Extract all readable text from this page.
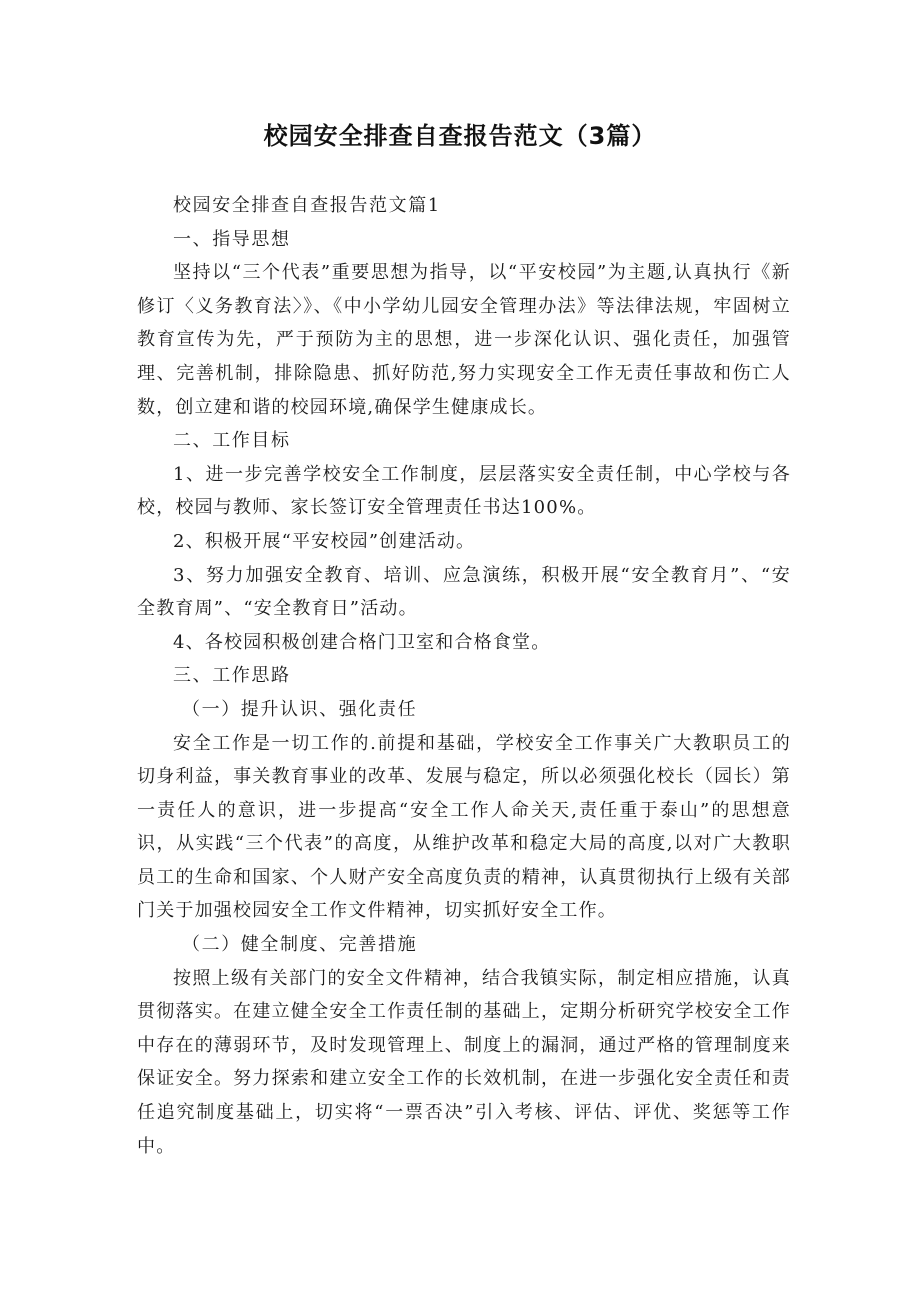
校园安全排查自查报告范文（3篇）

校园安全排查自查报告范文篇1

一、指导思想

坚持以“三个代表”重要思想为指导，以“平安校园”为主题,认真执行《新修订〈义务教育法〉》、《中小学幼儿园安全管理办法》等法律法规，牢固树立教育宣传为先，严于预防为主的思想，进一步深化认识、强化责任，加强管理、完善机制，排除隐患、抓好防范,努力实现安全工作无责任事故和伤亡人数，创立建和谐的校园环境,确保学生健康成长。

二、工作目标

1、进一步完善学校安全工作制度，层层落实安全责任制，中心学校与各校，校园与教师、家长签订安全管理责任书达100%。

2、积极开展“平安校园”创建活动。

3、努力加强安全教育、培训、应急演练，积极开展“安全教育月”、“安全教育周”、“安全教育日”活动。

4、各校园积极创建合格门卫室和合格食堂。

三、工作思路

（一）提升认识、强化责任

安全工作是一切工作的.前提和基础，学校安全工作事关广大教职员工的切身利益，事关教育事业的改革、发展与稳定，所以必须强化校长（园长）第一责任人的意识，进一步提高“安全工作人命关天,责任重于泰山”的思想意识，从实践“三个代表”的高度，从维护改革和稳定大局的高度,以对广大教职员工的生命和国家、个人财产安全高度负责的精神，认真贯彻执行上级有关部门关于加强校园安全工作文件精神，切实抓好安全工作。

（二）健全制度、完善措施

按照上级有关部门的安全文件精神，结合我镇实际，制定相应措施，认真贯彻落实。在建立健全安全工作责任制的基础上，定期分析研究学校安全工作中存在的薄弱环节，及时发现管理上、制度上的漏洞，通过严格的管理制度来保证安全。努力探索和建立安全工作的长效机制，在进一步强化安全责任和责任追究制度基础上，切实将“一票否决”引入考核、评估、评优、奖惩等工作中。
